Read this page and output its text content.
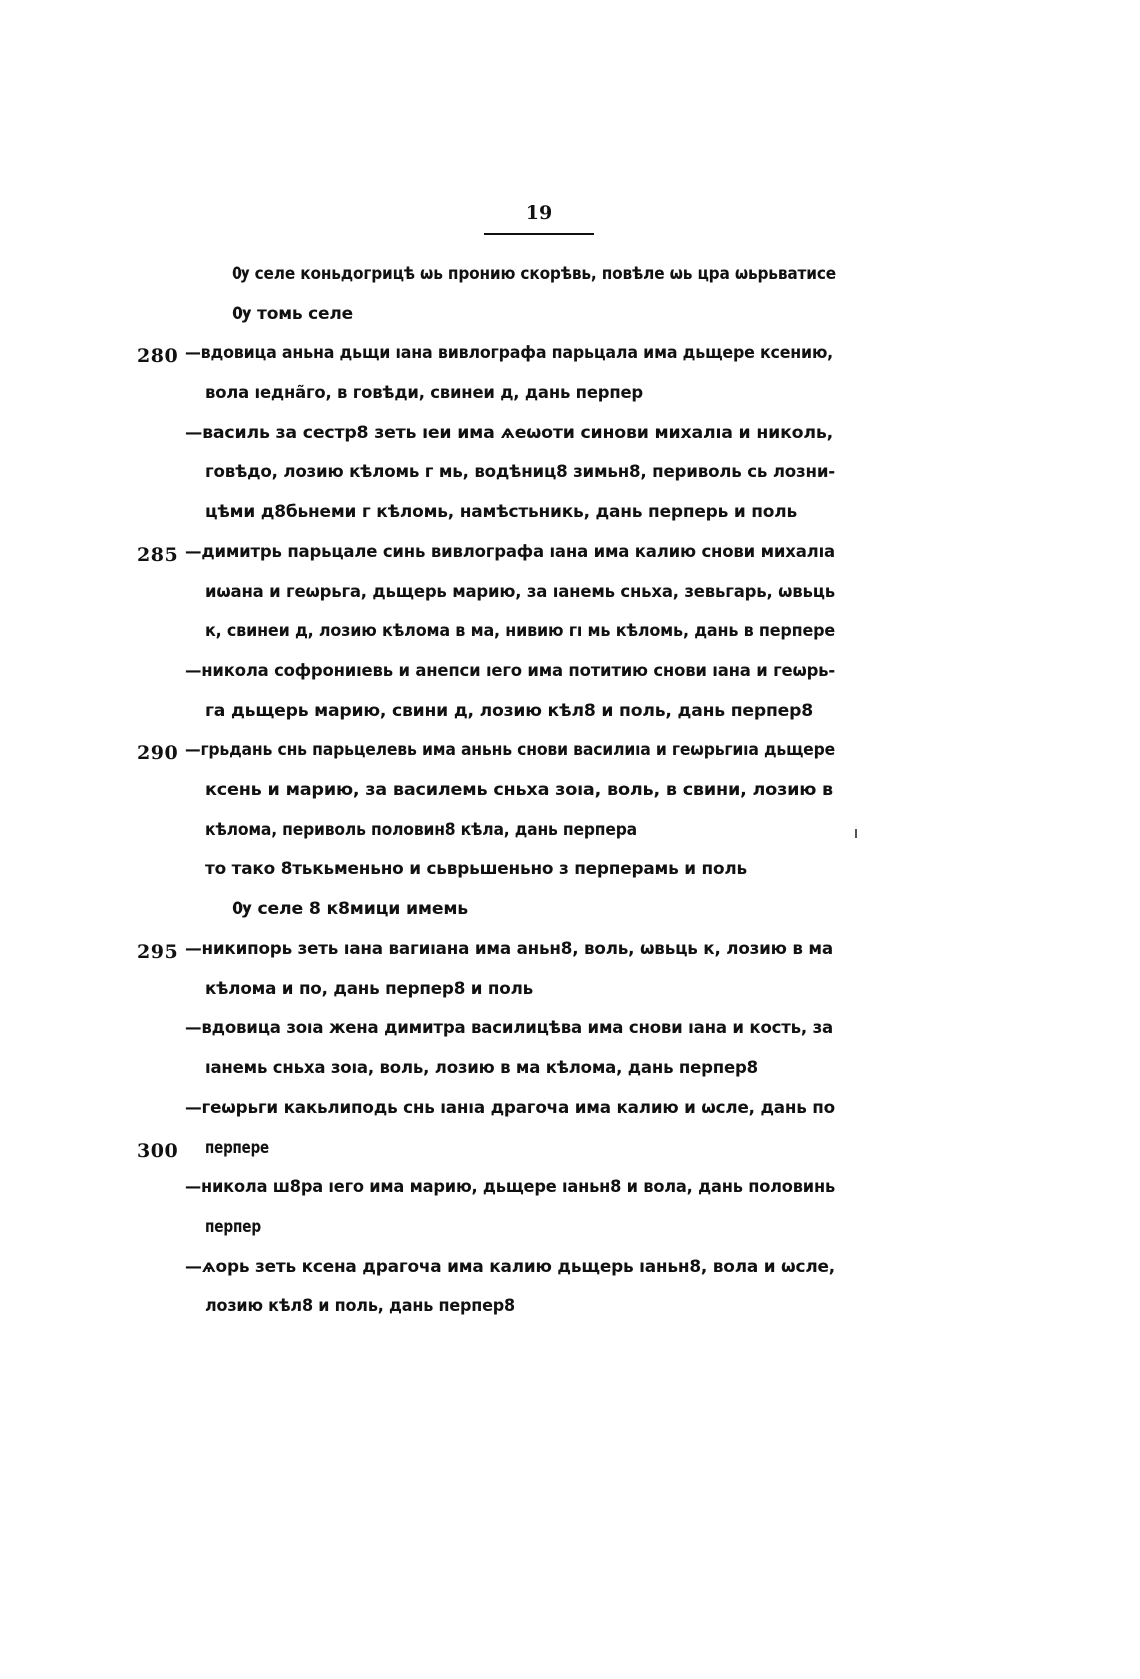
19
Ѹ селе коньдогрицѣ ѡь пронию скорѣвь, повѣле ѡь цра ѡьрьватисе
Ѹ томь селе
280 —вдовица аньна дьщи ıана вивлографа парьцала има дьщере ксению,
вола ıедна̃го, в говѣди, свинеи д, дань перпер
—василь за сестр8 зеть ıеи има ѧеѡоти синови михалıа и николь,
говѣдо, лозию кѣломь г мь, водѣниц8 зимьн8, периволь сь лозни-
цѣми д8бьнеми г кѣломь, намѣстьникь, дань перперь и поль
285 —димитрь парьцале синь вивлографа ıана има калию снови михалıа
иѡана и геѡрьга, дьщерь марию, за ıанемь сньха, зевьгарь, ѡвьць
к, свинеи д, лозию кѣлома в ма, нивию гı мь кѣломь, дань в перпере
—никола софрониıевь и анепси ıего има потитию снови ıана и геѡрь-
га дьщерь марию, свини д, лозию кѣл8 и поль, дань перпер8
290 —грьдань снь парьцелевь има аньнь снови василиıа и геѡрьгиıа дьщере
ксень и марию, за василемь сньха зоıа, воль, в свини, лозию в
кѣлома, периволь половин8 кѣла, дань перпера
то тако 8тькьменьно и сьврьшеньно з перперамь и поль
Ѹ селе 8 к8мици имемь
295 —никипорь зеть ıана вагиıана има аньн8, воль, ѡвьць к, лозию в ма
кѣлома и по, дань перпер8 и поль
—вдовица зоıа жена димитра василицѣва има снови ıана и кость, за
ıанемь сньха зоıа, воль, лозию в ма кѣлома, дань перпер8
—геѡрьги какьлиподь снь ıанıа драгоча има калию и ѡсле, дань по
300	перпере
—никола ш8ра ıего има марию, дьщере ıаньн8 и вола, дань половинь
перпер
—ѧорь зеть ксена драгоча има калию дьщерь ıаньн8, вола и ѡсле,
лозию кѣл8 и поль, дань перпер8
